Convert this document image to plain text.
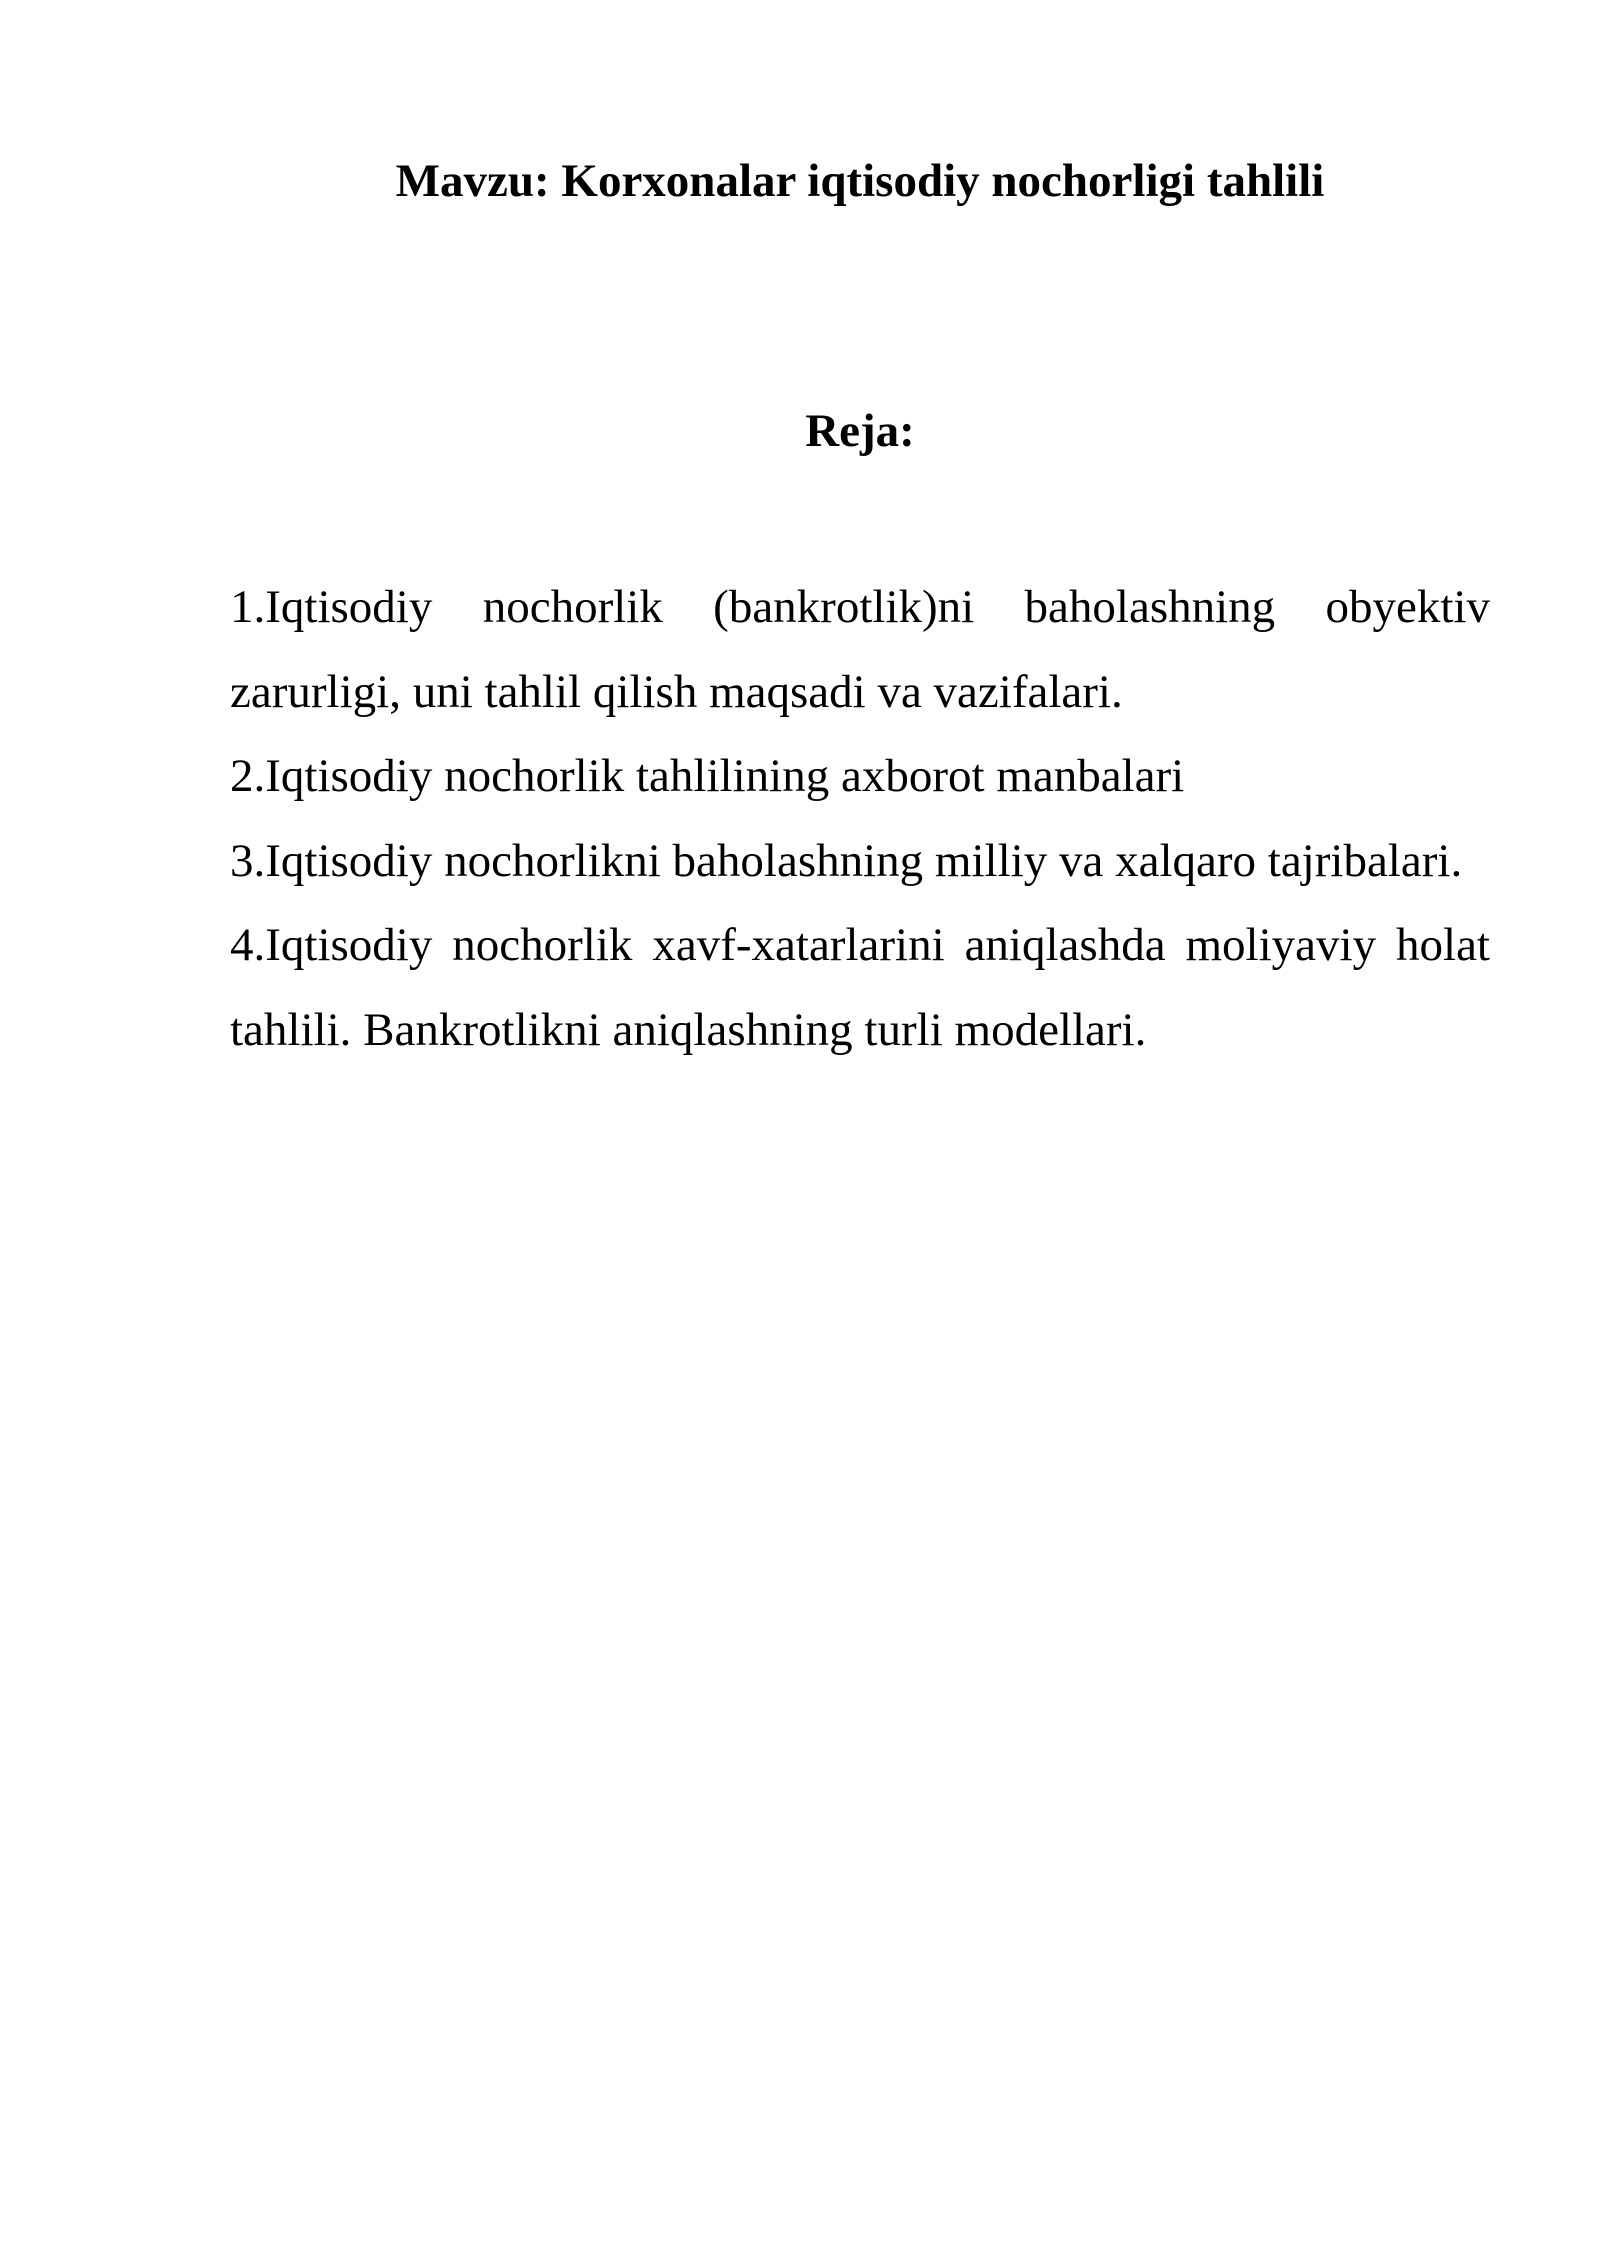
Mavzu: Korxonalar iqtisodiy nochorligi tahlili
Reja:
1.Iqtisodiy nochorlik (bankrotlik)ni baholashning obyektiv zarurligi, uni tahlil qilish maqsadi va vazifalari.
2.Iqtisodiy nochorlik tahlilining axborot manbalari
3.Iqtisodiy nochorlikni baholashning milliy va xalqaro tajribalari.
4.Iqtisodiy nochorlik xavf-xatarlarini aniqlashda moliyaviy holat tahlili. Bankrotlikni aniqlashning turli modellari.
